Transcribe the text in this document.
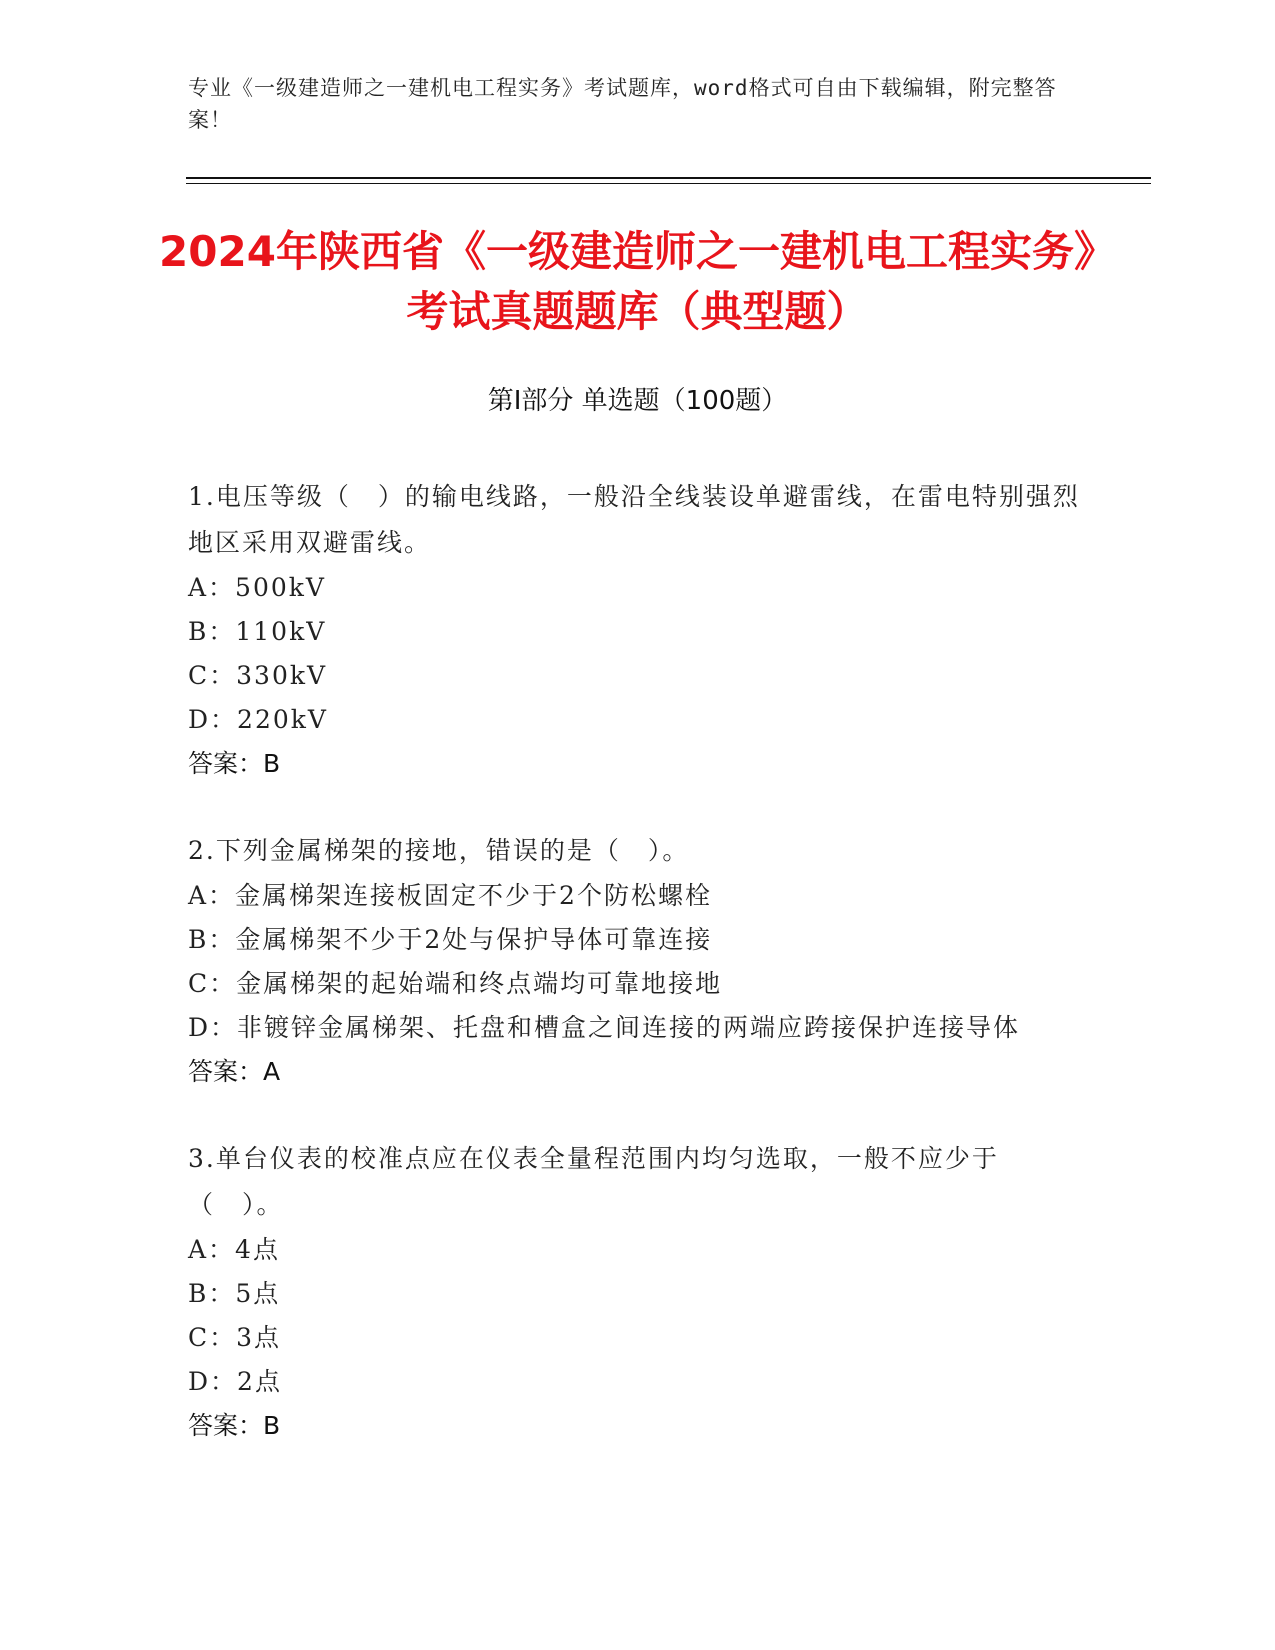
专业《一级建造师之一建机电工程实务》考试题库，word格式可自由下载编辑，附完整答案！
2024年陕西省《一级建造师之一建机电工程实务》考试真题题库（典型题）
第I部分 单选题（100题）
1.电压等级（　）的输电线路，一般沿全线装设单避雷线，在雷电特别强烈地区采用双避雷线。
A：500kV
B：110kV
C：330kV
D：220kV
答案：B
2.下列金属梯架的接地，错误的是（　）。
A：金属梯架连接板固定不少于2个防松螺栓
B：金属梯架不少于2处与保护导体可靠连接
C：金属梯架的起始端和终点端均可靠地接地
D：非镀锌金属梯架、托盘和槽盒之间连接的两端应跨接保护连接导体
答案：A
3.单台仪表的校准点应在仪表全量程范围内均匀选取，一般不应少于（　）。
A：4点
B：5点
C：3点
D：2点
答案：B
